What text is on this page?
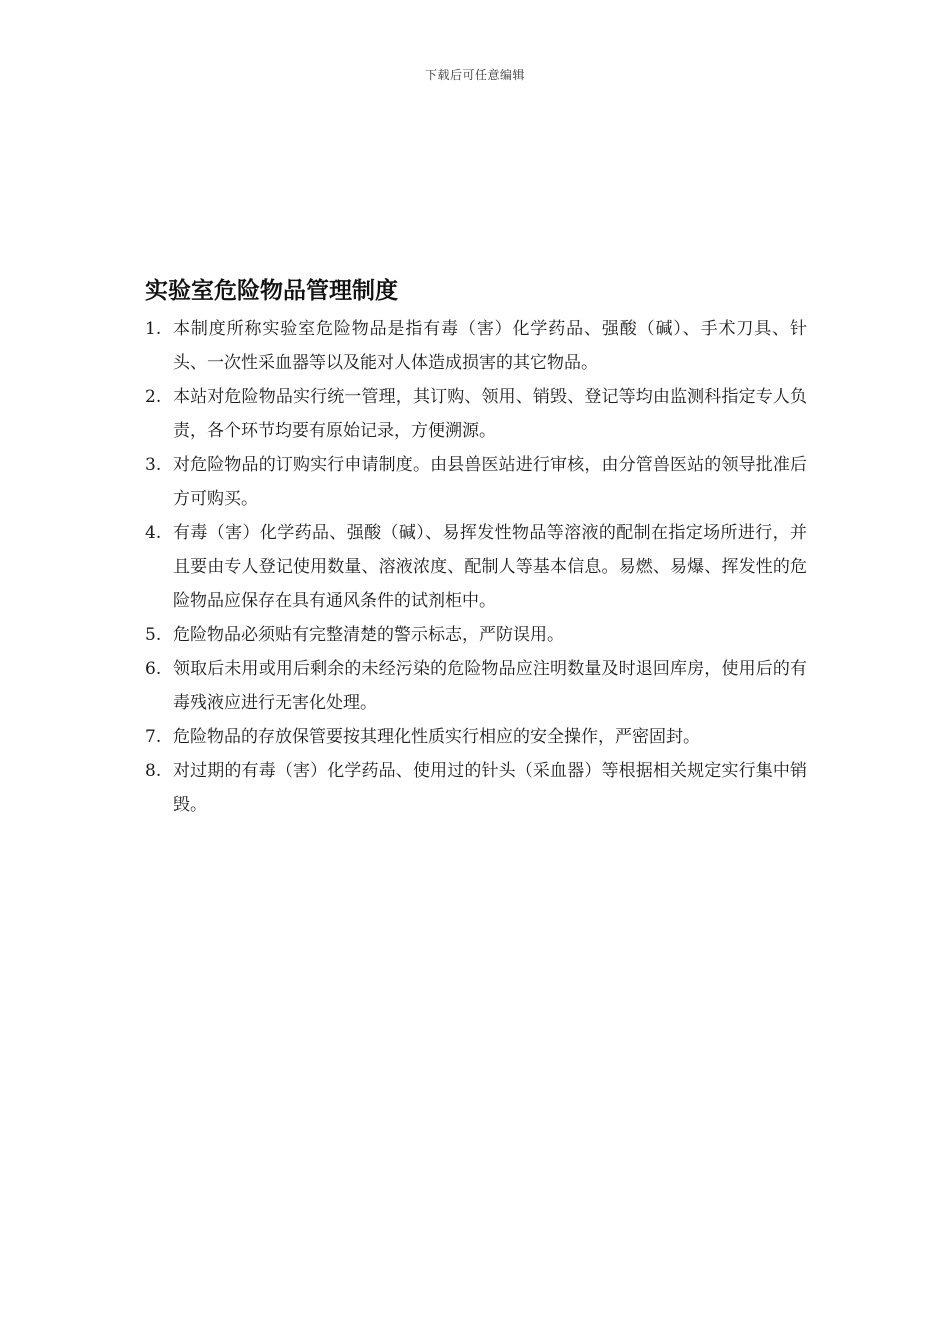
下载后可任意编辑
实验室危险物品管理制度
1. 本制度所称实验室危险物品是指有毒（害）化学药品、强酸（碱）、手术刀具、针头、一次性采血器等以及能对人体造成损害的其它物品。
2. 本站对危险物品实行统一管理，其订购、领用、销毁、登记等均由监测科指定专人负责，各个环节均要有原始记录，方便溯源。
3. 对危险物品的订购实行申请制度。由县兽医站进行审核，由分管兽医站的领导批准后方可购买。
4. 有毒（害）化学药品、强酸（碱）、易挥发性物品等溶液的配制在指定场所进行，并且要由专人登记使用数量、溶液浓度、配制人等基本信息。易燃、易爆、挥发性的危险物品应保存在具有通风条件的试剂柜中。
5. 危险物品必须贴有完整清楚的警示标志，严防误用。
6. 领取后未用或用后剩余的未经污染的危险物品应注明数量及时退回库房，使用后的有毒残液应进行无害化处理。
7. 危险物品的存放保管要按其理化性质实行相应的安全操作，严密固封。
8. 对过期的有毒（害）化学药品、使用过的针头（采血器）等根据相关规定实行集中销毁。
